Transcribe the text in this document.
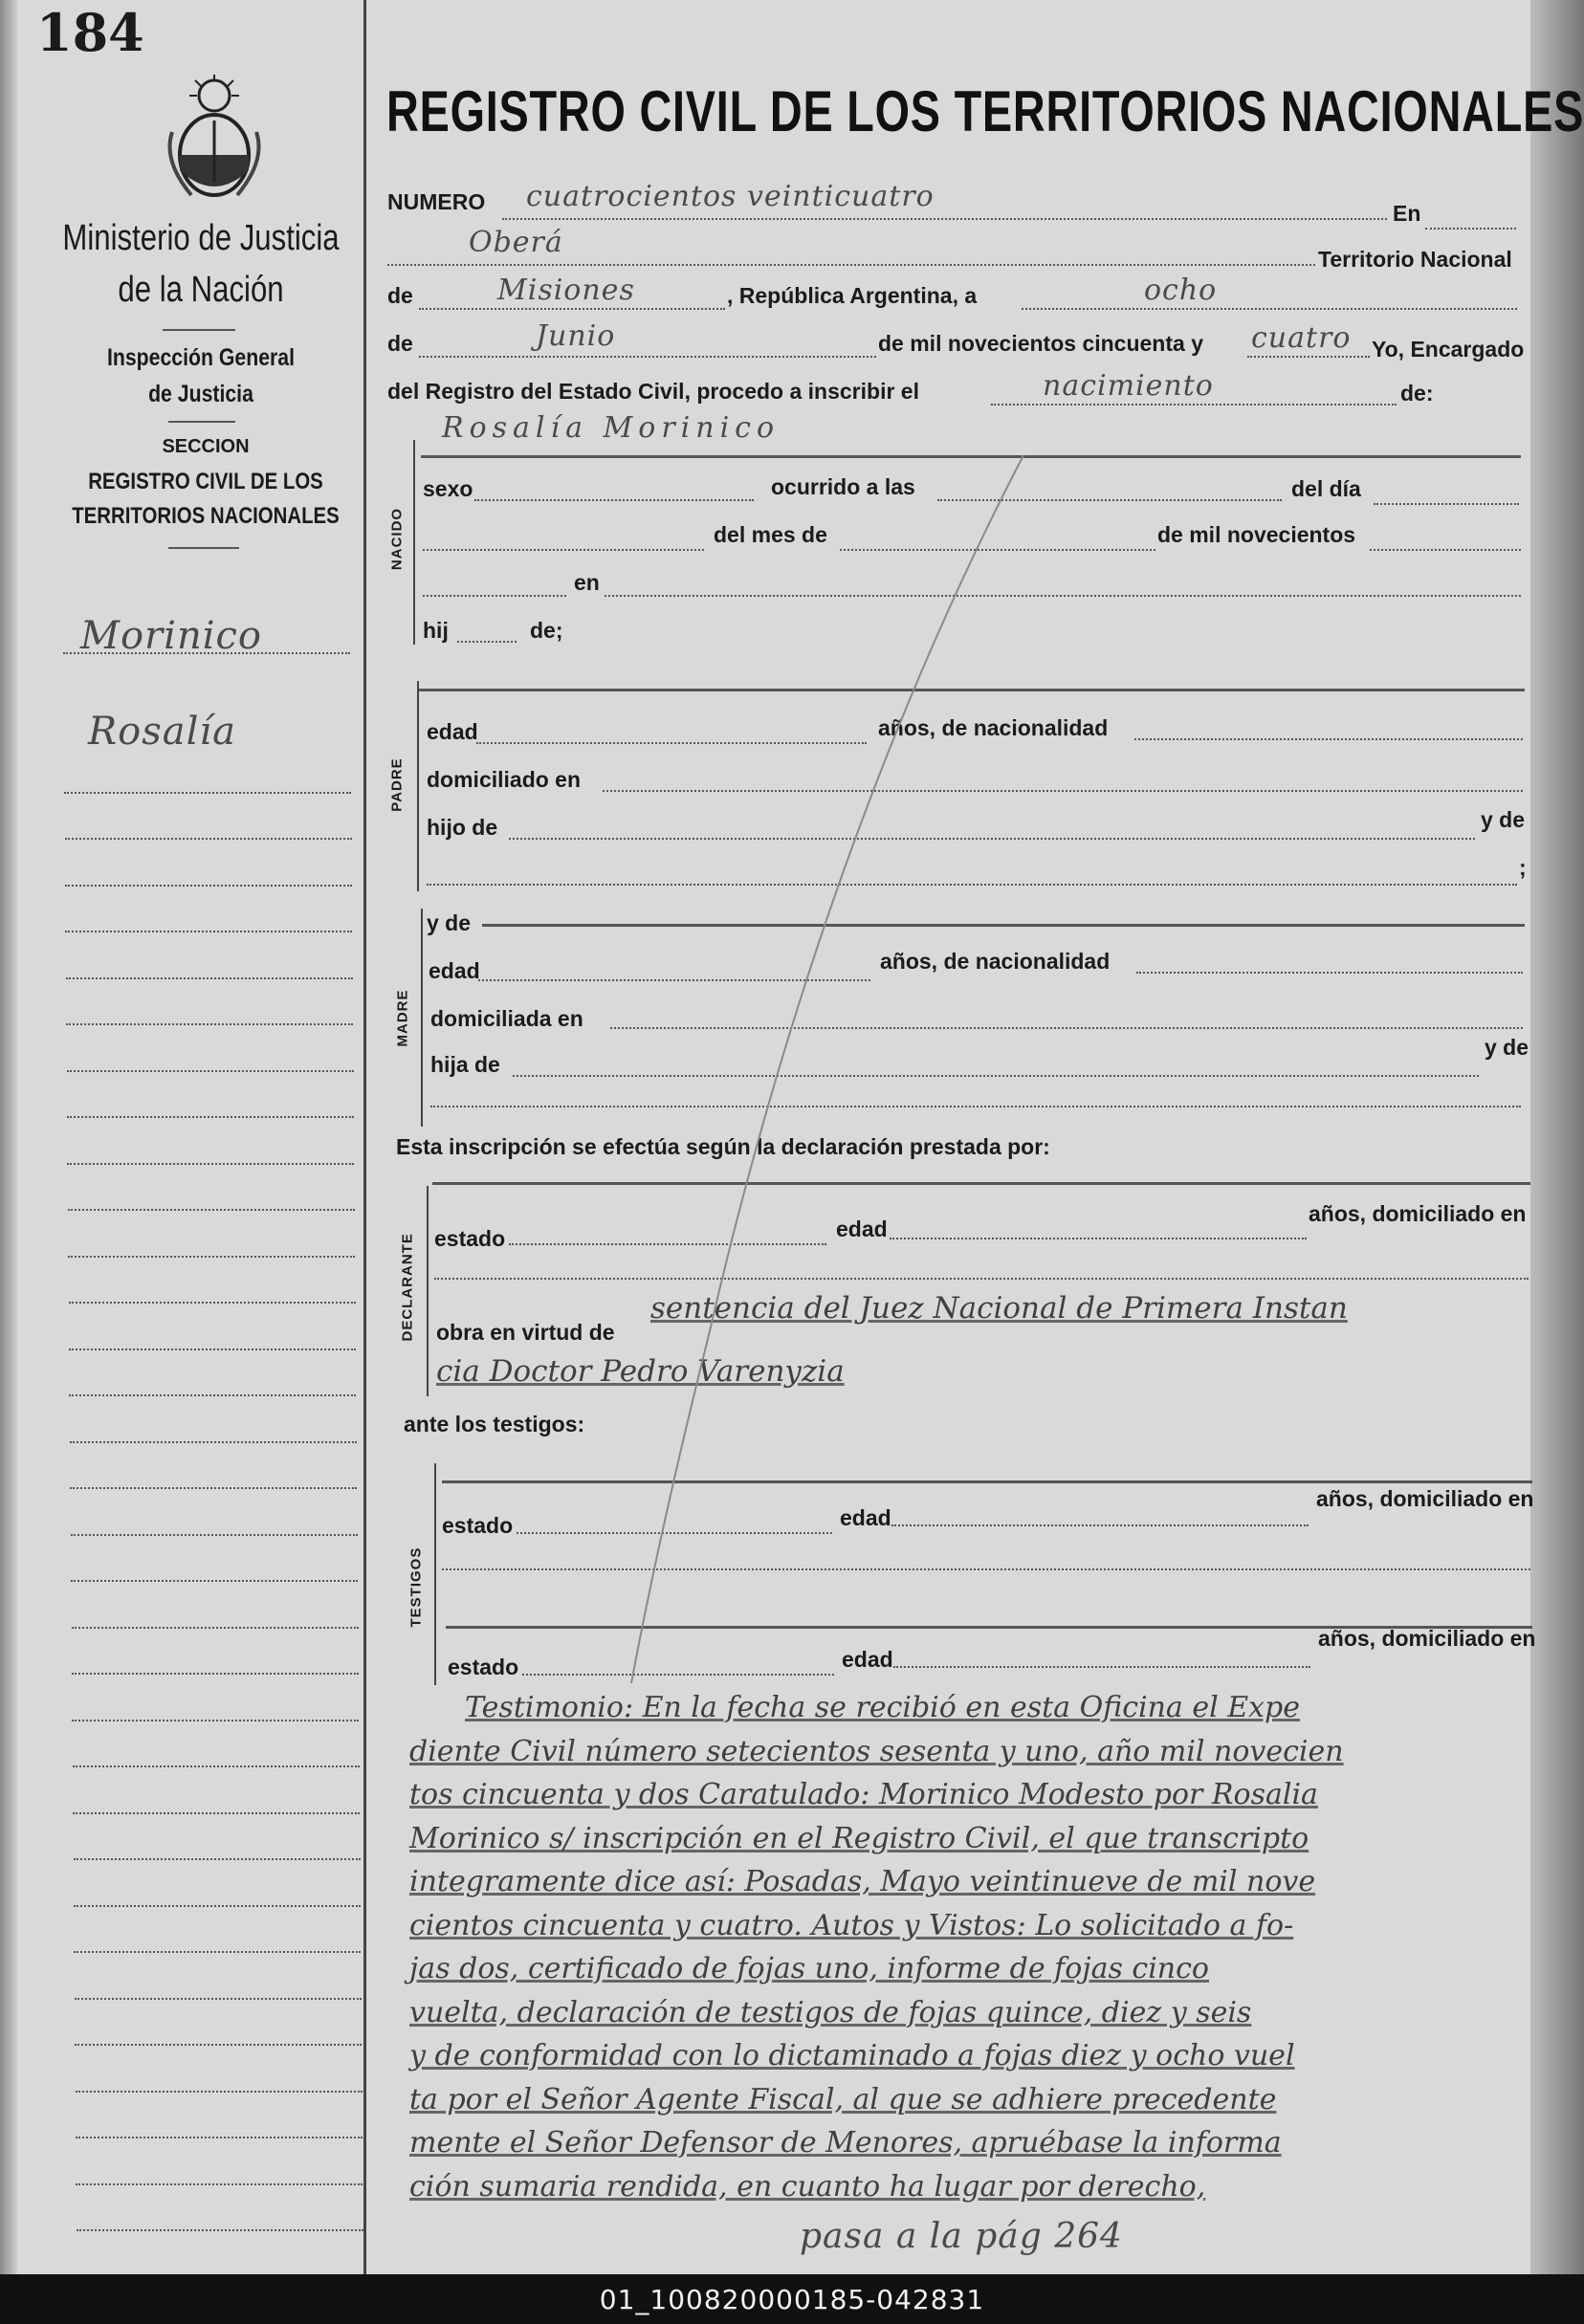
184
Ministerio de Justicia
de la Nación
Inspección General
de Justicia
SECCION
REGISTRO CIVIL DE LOS
TERRITORIOS NACIONALES
Morinico
Rosalía
REGISTRO CIVIL DE LOS TERRITORIOS NACIONALES
NUMERO cuatrocientos veinticuatro	En
Oberá	Territorio Nacional
de	Misiones	, República Argentina, a	ocho
de	Junio	de mil novecientos cincuenta y cuatro Yo, Encargado
del Registro del Estado Civil, procedo a inscribir el	nacimiento	de:
Rosalía Morinico
NACIDO
sexo	ocurrido a las	del día
del mes de	de mil novecientos
en
hij	de;
PADRE
edad	años, de nacionalidad
domiciliado en
hijo de	y de
;
MADRE
y de
edad	años, de nacionalidad
domiciliada en
hija de
y de
Esta inscripción se efectúa según la declaración prestada por:
DECLARANTE estado	edad
años, domiciliado en
obra en virtud de
sentencia del Juez Nacional de Primera Instan
cia Doctor Pedro Varenyzia
ante los testigos:
TESTIGOS
estado	edad
años, domiciliado en
estado	edad
años, domiciliado en
Testimonio: En la fecha se recibió en esta Oficina el Expe
diente Civil número setecientos sesenta y uno, año mil novecien
tos cincuenta y dos Caratulado: Morinico Modesto por Rosalia
Morinico s/ inscripción en el Registro Civil, el que transcripto
integramente dice así: Posadas, Mayo veintinueve de mil nove
cientos cincuenta y cuatro. Autos y Vistos: Lo solicitado a fo-
jas dos, certificado de fojas uno, informe de fojas cinco
vuelta, declaración de testigos de fojas quince, diez y seis
y de conformidad con lo dictaminado a fojas diez y ocho vuel
ta por el Señor Agente Fiscal, al que se adhiere precedente
mente el Señor Defensor de Menores, apruébase la informa
ción sumaria rendida, en cuanto ha lugar por derecho,
pasa a la pág 264
01_100820000185-042831
